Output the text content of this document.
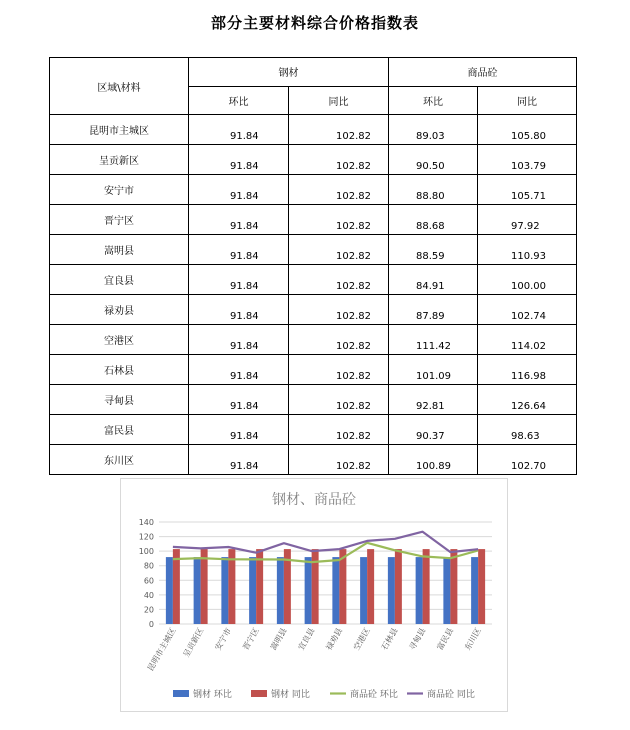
部分主要材料综合价格指数表
区域\材料	钢材		商品砼	
	环比	同比	环比	同比
昆明市主城区	91.84	102.82	89.03	105.80
呈贡新区	91.84	102.82	90.50	103.79
安宁市	91.84	102.82	88.80	105.71
晋宁区	91.84	102.82	88.68	97.92
嵩明县	91.84	102.82	88.59	110.93
宜良县	91.84	102.82	84.91	100.00
禄劝县	91.84	102.82	87.89	102.74
空港区	91.84	102.82	111.42	114.02
石林县	91.84	102.82	101.09	116.98
寻甸县	91.84	102.82	92.81	126.64
富民县	91.84	102.82	90.37	98.63
东川区	91.84	102.82	100.89	102.70
钢材、商品砼
0
20
40
60
80
100
120
140
昆明市主城区 呈贡新区 安宁市 晋宁区 嵩明县 宜良县 禄劝县 空港区 石林县 寻甸县 富民县 东川区
钢材 环比	钢材 同比	商品砼 环比	商品砼 同比
